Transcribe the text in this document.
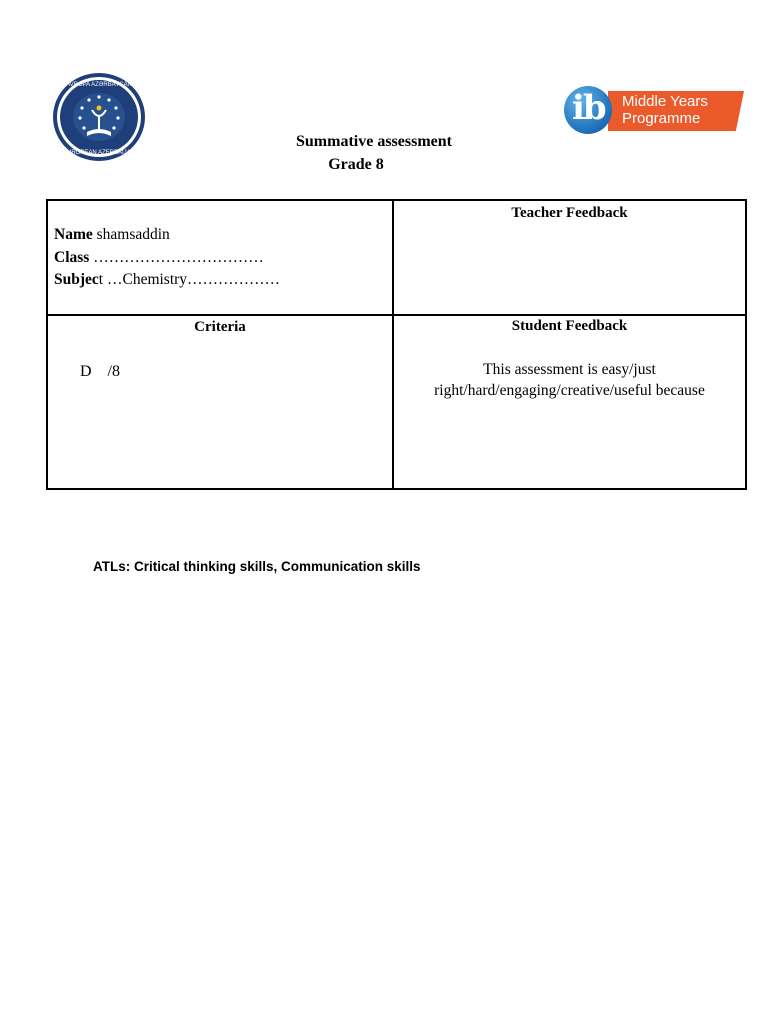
AVROPA AZƏRBAYCAN
EUROPEAN AZERBAIJAN
Middle Years
Programme
ib
Summative assessment
Grade 8
Name shamsaddin
Class ……………………………
Subject …Chemistry………………
Teacher Feedback
Criteria	Student Feedback
D    /8	This assessment is easy/just
right/hard/engaging/creative/useful because
ATLs: Critical thinking skills, Communication skills
